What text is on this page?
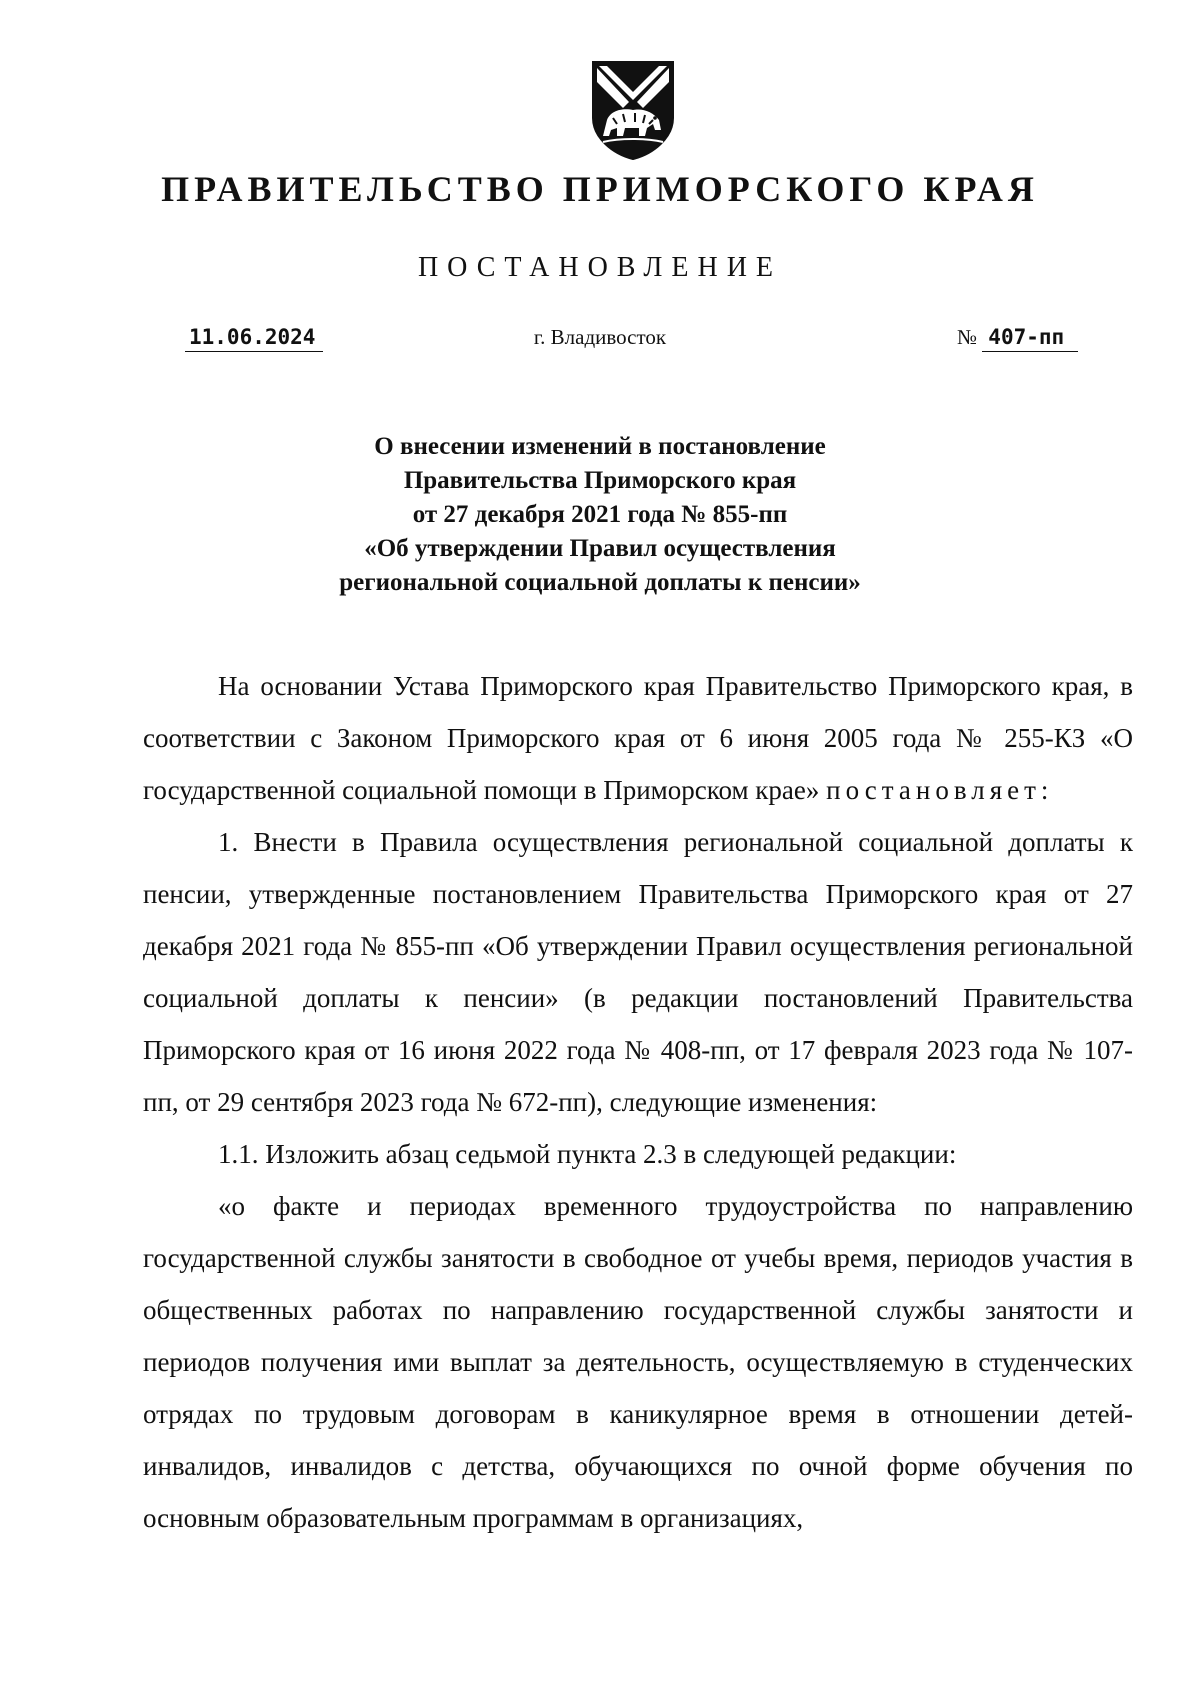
ПРАВИТЕЛЬСТВО ПРИМОРСКОГО КРАЯ
ПОСТАНОВЛЕНИЕ
11.06.2024	г. Владивосток	№ 407-пп
О внесении изменений в постановление
Правительства Приморского края
от 27 декабря 2021 года № 855-пп
«Об утверждении Правил осуществления
региональной социальной доплаты к пенсии»

На основании Устава Приморского края Правительство Приморского края, в соответствии с Законом Приморского края от 6 июня 2005 года № 255-КЗ «О государственной социальной помощи в Приморском крае» постановляет:

1. Внести в Правила осуществления региональной социальной доплаты к пенсии, утвержденные постановлением Правительства Приморского края от 27 декабря 2021 года № 855-пп «Об утверждении Правил осуществления региональной социальной доплаты к пенсии» (в редакции постановлений Правительства Приморского края от 16 июня 2022 года № 408-пп, от 17 февраля 2023 года № 107-пп, от 29 сентября 2023 года № 672-пп), следующие изменения:

1.1. Изложить абзац седьмой пункта 2.3 в следующей редакции:

«о факте и периодах временного трудоустройства по направлению государственной службы занятости в свободное от учебы время, периодов участия в общественных работах по направлению государственной службы занятости и периодов получения ими выплат за деятельность, осуществляемую в студенческих отрядах по трудовым договорам в каникулярное время в отношении детей-инвалидов, инвалидов с детства, обучающихся по очной форме обучения по основным образовательным программам в организациях,
